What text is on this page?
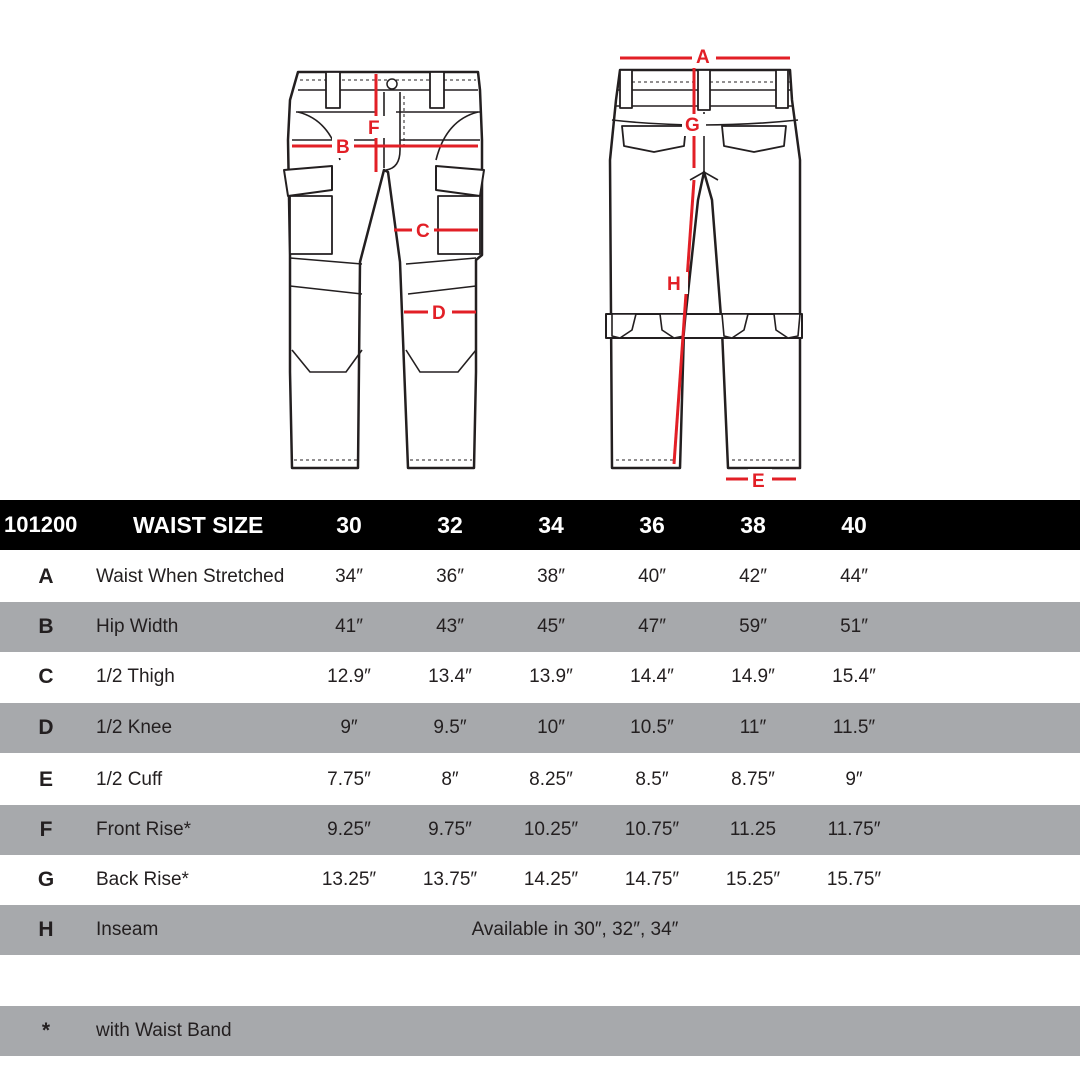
F
B
C
D
A
G
H
E
101200	WAIST SIZE	30	32	34	36	38	40
A	Waist When Stretched	34″	36″	38″	40″	42″	44″
B	Hip Width	41″	43″	45″	47″	59″	51″
C	1/2 Thigh	12.9″	13.4″	13.9″	14.4″	14.9″	15.4″
D	1/2 Knee	9″	9.5″	10″	10.5″	11″	11.5″
E	1/2 Cuff	7.75″	8″	8.25″	8.5″	8.75″	9″
F	Front Rise*	9.25″	9.75″	10.25″	10.75″	11.25	11.75″
G	Back Rise*	13.25″	13.75″	14.25″	14.75″	15.25″	15.75″
H	Inseam	Available in 30″, 32″, 34″
*	with Waist Band
